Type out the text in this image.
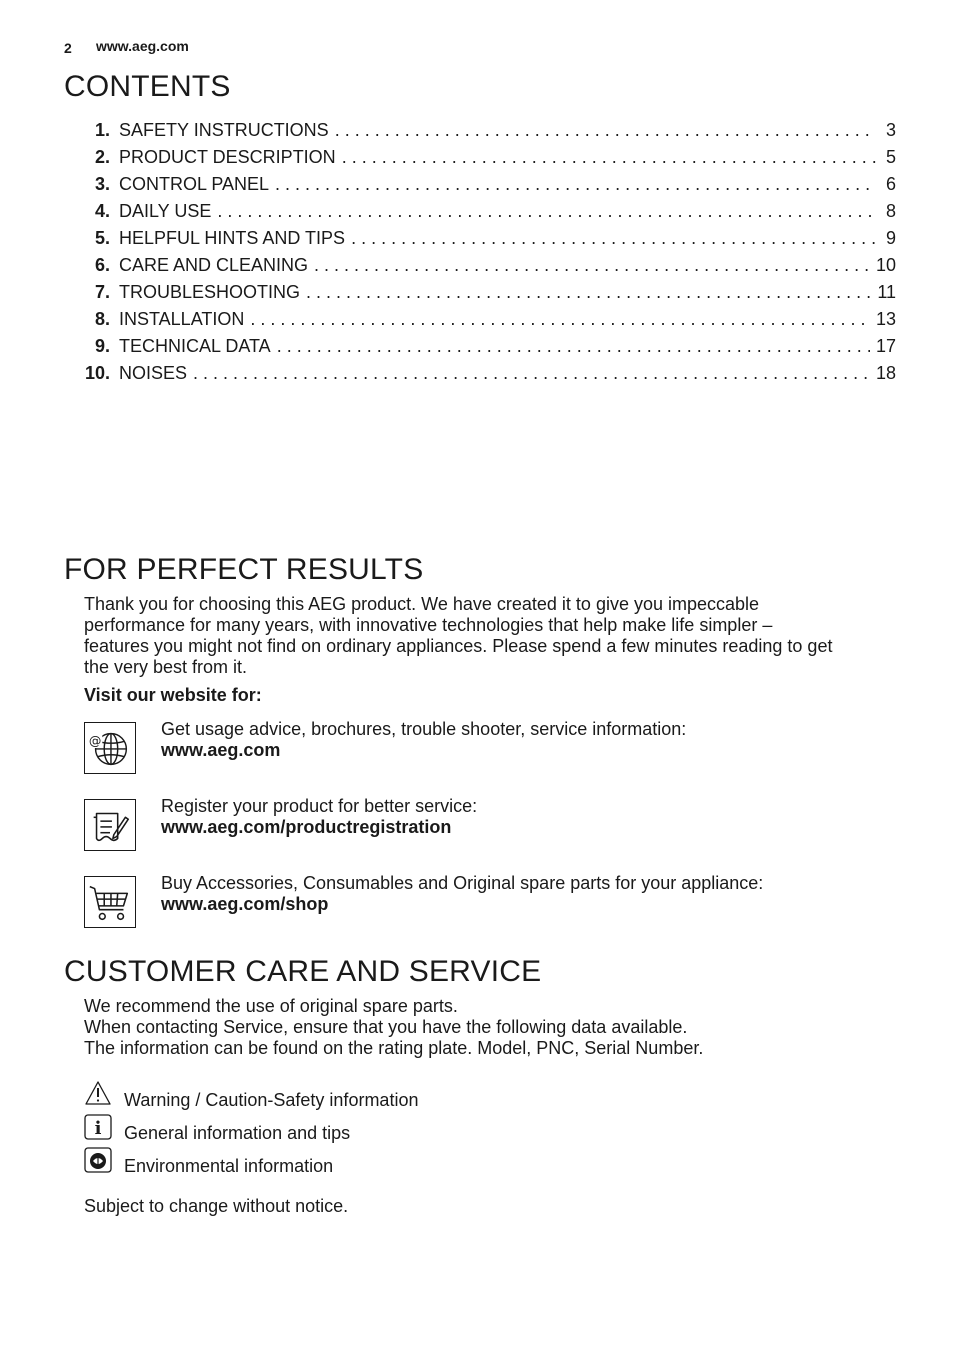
2 www.aeg.com
CONTENTS
1. SAFETY INSTRUCTIONS . . .	3
2. PRODUCT DESCRIPTION . . .	5
3. CONTROL PANEL . . .	6
4. DAILY USE . . .	8
5. HELPFUL HINTS AND TIPS . . .	9
6. CARE AND CLEANING . . .	10
7. TROUBLESHOOTING . . .	11
8. INSTALLATION . . .	13
9. TECHNICAL DATA . . .	17
10. NOISES . . .	18
FOR PERFECT RESULTS
Thank you for choosing this AEG product. We have created it to give you impeccable
performance for many years, with innovative technologies that help make life simpler –
features you might not find on ordinary appliances. Please spend a few minutes reading to get
the very best from it.
Visit our website for:
@
Get usage advice, brochures, trouble shooter, service information:
www.aeg.com
Register your product for better service:
www.aeg.com/productregistration
Buy Accessories, Consumables and Original spare parts for your appliance:
www.aeg.com/shop
CUSTOMER CARE AND SERVICE
We recommend the use of original spare parts.
When contacting Service, ensure that you have the following data available.
The information can be found on the rating plate. Model, PNC, Serial Number.
Warning / Caution-Safety information
i General information and tips
Environmental information
Subject to change without notice.
